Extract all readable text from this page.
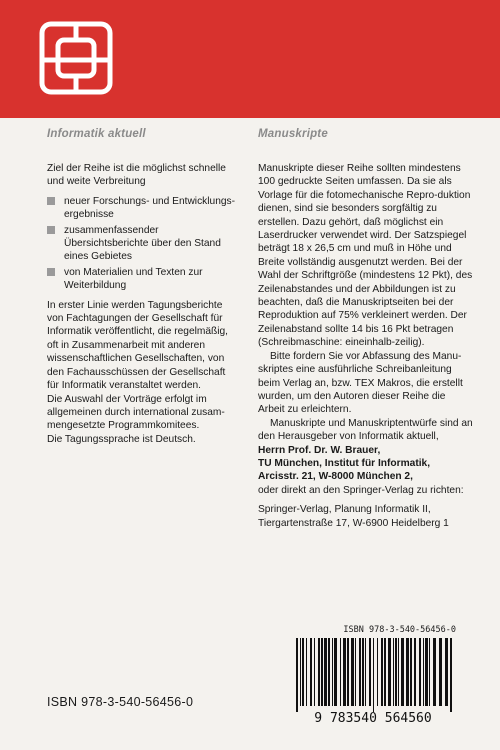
Informatik aktuell

Ziel der Reihe ist die möglichst schnelle und weite Verbreitung

neuer Forschungs- und Entwicklungs-ergebnisse
zusammenfassender Übersichtsberichte über den Stand eines Gebietes
von Materialien und Texten zur Weiterbildung

In erster Linie werden Tagungsberichte von Fachtagungen der Gesellschaft für Informatik veröffentlicht, die regelmäßig, oft in Zusammenarbeit mit anderen wissenschaftlichen Gesellschaften, von den Fachausschüssen der Gesellschaft für Informatik veranstaltet werden.

Die Auswahl der Vorträge erfolgt im allgemeinen durch international zusam-mengesetzte Programmkomitees.

Die Tagungssprache ist Deutsch.

Manuskripte

Manuskripte dieser Reihe sollten mindestens 100 gedruckte Seiten umfassen. Da sie als Vorlage für die fotomechanische Repro-duktion dienen, sind sie besonders sorgfältig zu erstellen. Dazu gehört, daß möglichst ein Laserdrucker verwendet wird. Der Satzspiegel beträgt 18 x 26,5 cm und muß in Höhe und Breite vollständig ausgenutzt werden. Bei der Wahl der Schriftgröße (mindestens 12 Pkt), des Zeilenabstandes und der Abbildungen ist zu beachten, daß die Manuskriptseiten bei der Reproduktion auf 75% verkleinert werden. Der Zeilenabstand sollte 14 bis 16 Pkt betragen (Schreibmaschine: eineinhalb-zeilig).

Bitte fordern Sie vor Abfassung des Manu-skriptes eine ausführliche Schreibanleitung beim Verlag an, bzw. TEX Makros, die erstellt wurden, um den Autoren dieser Reihe die Arbeit zu erleichtern.

Manuskripte und Manuskriptentwürfe sind an den Herausgeber von Informatik aktuell,

Herrn Prof. Dr. W. Brauer,

TU München, Institut für Informatik,

Arcisstr. 21, W-8000 München 2,

oder direkt an den Springer-Verlag zu richten:

Springer-Verlag, Planung Informatik II,

Tiergartenstraße 17, W-6900 Heidelberg 1

ISBN 978-3-540-56456-0
9 783540 564560
ISBN 978-3-540-56456-0
